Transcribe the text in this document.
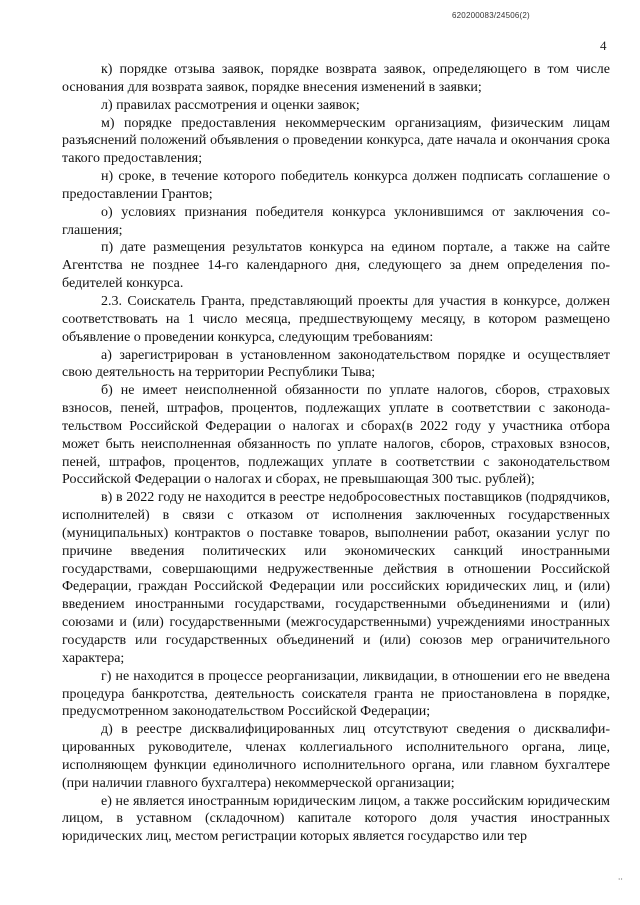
620200083/24506(2)
4

к) порядке отзыва заявок, порядке возврата заявок, определяющего в том числе основания для возврата заявок, порядке внесения изменений в заявки;

л) правилах рассмотрения и оценки заявок;

м) порядке предоставления некоммерческим организациям, физическим лицам разъяснений положений объявления о проведении конкурса, дате начала и окончания срока такого предоставления;

н) сроке, в течение которого победитель конкурса должен подписать соглашение о предоставлении Грантов;

о) условиях признания победителя конкурса уклонившимся от заключения соглашения;

п) дате размещения результатов конкурса на едином портале, а также на сайте Агентства не позднее 14-го календарного дня, следующего за днем определения победителей конкурса.

2.3. Соискатель Гранта, представляющий проекты для участия в конкурсе, должен соответствовать на 1 число месяца, предшествующему месяцу, в котором размещено объявление о проведении конкурса, следующим требованиям:

а) зарегистрирован в установленном законодательством порядке и осуществляет свою деятельность на территории Республики Тыва;

б) не имеет неисполненной обязанности по уплате налогов, сборов, страховых взносов, пеней, штрафов, процентов, подлежащих уплате в соответствии с законодательством Российской Федерации о налогах и сборах(в 2022 году у участника отбора может быть неисполненная обязанность по уплате налогов, сборов, страховых взносов, пеней, штрафов, процентов, подлежащих уплате в соответствии с законодательством Российской Федерации о налогах и сборах, не превышающая 300 тыс. рублей);

в) в 2022 году не находится в реестре недобросовестных поставщиков (подрядчиков, исполнителей) в связи с отказом от исполнения заключенных государственных (муниципальных) контрактов о поставке товаров, выполнении работ, оказании услуг по причине введения политических или экономических санкций иностранными государствами, совершающими недружественные действия в отношении Российской Федерации, граждан Российской Федерации или российских юридических лиц, и (или) введением иностранными государствами, государственными объединениями и (или) союзами и (или) государственными (межгосударственными) учреждениями иностранных государств или государственных объединений и (или) союзов мер ограничительного характера;

г) не находится в процессе реорганизации, ликвидации, в отношении его не введена процедура банкротства, деятельность соискателя гранта не приостановлена в порядке, предусмотренном законодательством Российской Федерации;

д) в реестре дисквалифицированных лиц отсутствуют сведения о дисквалифицированных руководителе, членах коллегиального исполнительного органа, лице, исполняющем функции единоличного исполнительного органа, или главном бухгалтере (при наличии главного бухгалтера) некоммерческой организации;

е) не является иностранным юридическим лицом, а также российским юридическим лицом, в уставном (складочном) капитале которого доля участия иностранных юридических лиц, местом регистрации которых является государство или тер

⸱⸱
